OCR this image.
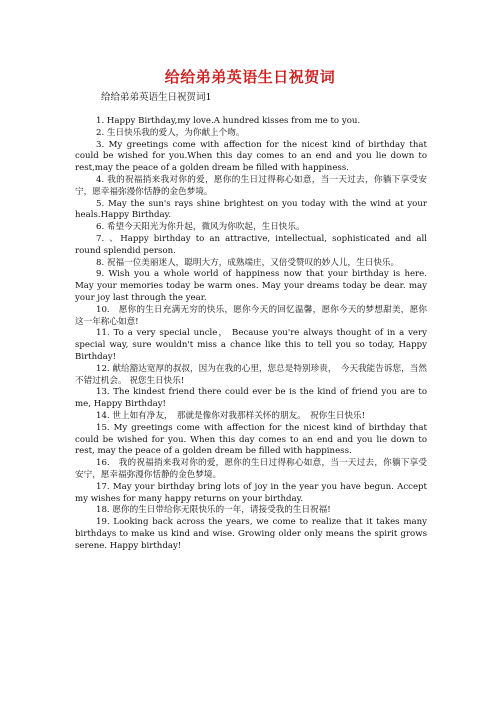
给给弟弟英语生日祝贺词
给给弟弟英语生日祝贺词1

1. Happy Birthday,my love.A hundred kisses from me to you.

2. 生日快乐我的爱人，为你献上个吻。

3. My greetings come with affection for the nicest kind of birthday that could be wished for you.When this day comes to an end and you lie down to rest,may the peace of a golden dream be filled with happiness.

4. 我的祝福捎来我对你的爱，愿你的生日过得称心如意，当一天过去，你躺下享受安宁，愿幸福弥漫你恬静的金色梦境。

5. May the sun's rays shine brightest on you today with the wind at your heals.Happy Birthday.

6. 希望今天阳光为你升起，微风为你吹起，生日快乐。

7. 、Happy birthday to an attractive, intellectual, sophisticated and all round splendid person.

8. 祝福一位美丽迷人，聪明大方，成熟端庄，又倍受赞叹的妙人儿，生日快乐。

9. Wish you a whole world of happiness now that your birthday is here. May your memories today be warm ones. May your dreams today be dear. may your joy last through the year.

10.　愿你的生日充满无穷的快乐，愿你今天的回忆温馨，愿你今天的梦想甜美，愿你这一年称心如意!

11. To a very special uncle， Because you're always thought of in a very special way, sure wouldn't miss a chance like this to tell you so today, Happy Birthday!

12. 献给豁达宽厚的叔叔，因为在我的心里，您总是特别珍贵，　今天我能告诉您，当然不错过机会。 祝您生日快乐!

13. The kindest friend there could ever be is the kind of friend you are to me, Happy Birthday!

14. 世上如有净友，　那就是像你对我那样关怀的朋友。　祝你生日快乐!

15. My greetings come with affection for the nicest kind of birthday that could be wished for you. When this day comes to an end and you lie down to rest, may the peace of a golden dream be filled with happiness.

16.　我的祝福捎来我对你的爱，愿你的生日过得称心如意，当一天过去，你躺下享受安宁，愿幸福弥漫你恬静的金色梦境。

17. May your birthday bring lots of joy in the year you have begun. Accept my wishes for many happy returns on your birthday.

18. 愿你的生日带给你无限快乐的一年，请接受我的生日祝福!

19. Looking back across the years, we come to realize that it takes many birthdays to make us kind and wise. Growing older only means the spirit grows serene. Happy birthday!
